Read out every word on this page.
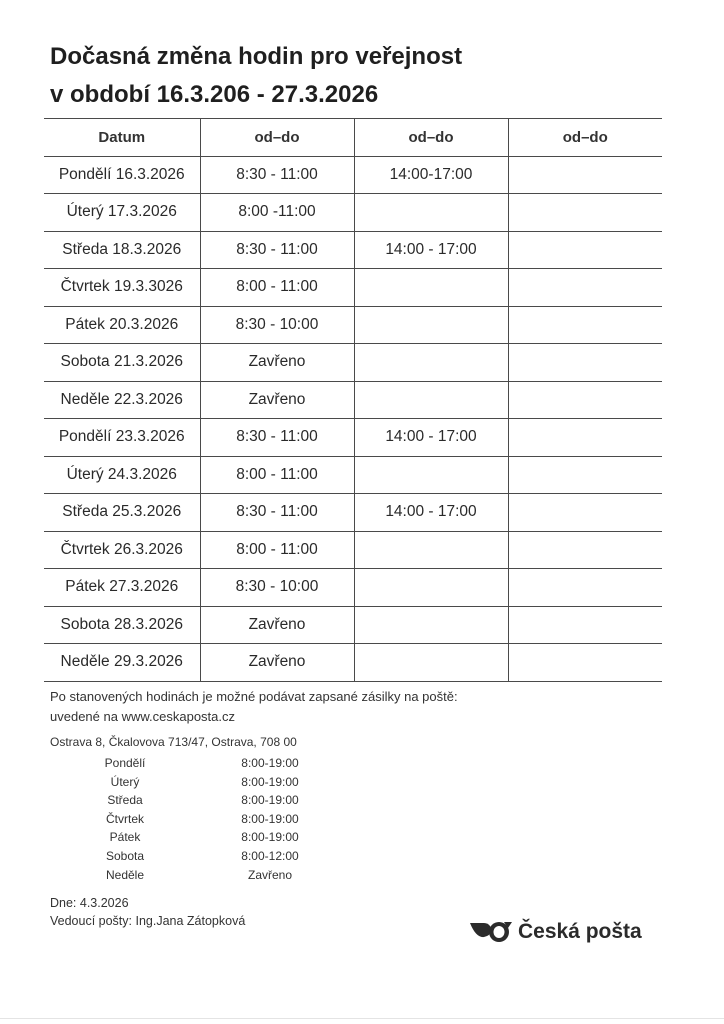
Dočasná změna hodin pro veřejnost
v období 16.3.206 - 27.3.2026
Datum	od–do	od–do	od–do
Pondělí 16.3.2026	8:30 - 11:00	14:00-17:00	
Úterý 17.3.2026	8:00 -11:00		
Středa 18.3.2026	8:30 - 11:00	14:00 - 17:00	
Čtvrtek 19.3.3026	8:00 - 11:00		
Pátek 20.3.2026	8:30 - 10:00		
Sobota 21.3.2026	Zavřeno		
Neděle 22.3.2026	Zavřeno		
Pondělí 23.3.2026	8:30 - 11:00	14:00 - 17:00	
Úterý 24.3.2026	8:00 - 11:00		
Středa 25.3.2026	8:30 - 11:00	14:00 - 17:00	
Čtvrtek 26.3.2026	8:00 - 11:00		
Pátek 27.3.2026	8:30 - 10:00		
Sobota 28.3.2026	Zavřeno		
Neděle 29.3.2026	Zavřeno		
Po stanovených hodinách je možné podávat zapsané zásilky na poště:
uvedené na www.ceskaposta.cz
Ostrava 8, Čkalovova 713/47, Ostrava, 708 00
Pondělí	8:00-19:00
Úterý	8:00-19:00
Středa	8:00-19:00
Čtvrtek	8:00-19:00
Pátek	8:00-19:00
Sobota	8:00-12:00
Neděle	Zavřeno
Dne: 4.3.2026
Vedoucí pošty: Ing.Jana Zátopková	Česká pošta
